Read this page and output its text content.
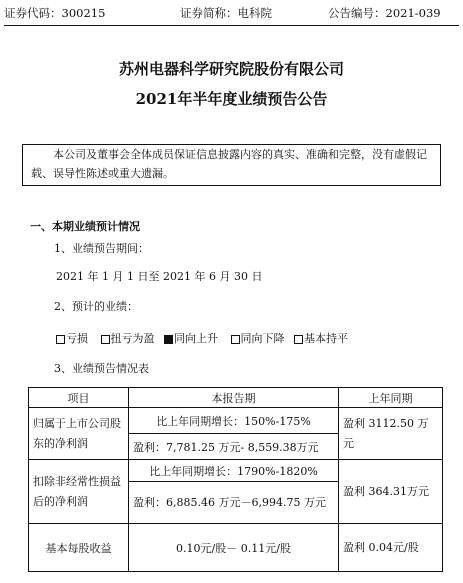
证券代码：300215	证券简称：电科院	公告编号：2021-039
苏州电器科学研究院股份有限公司
2021年半年度业绩预告公告
本公司及董事会全体成员保证信息披露内容的真实、准确和完整，没有虚假记载、误导性陈述或重大遗漏。
一、本期业绩预计情况
1、业绩预告期间：
2021 年 1 月 1 日至 2021 年 6 月 30 日
2、预计的业绩：
亏损 扭亏为盈 同向上升 同向下降 基本持平
3、业绩预告情况表
项目	本报告期	上年同期
归属于上市公司股东的净利润	比上年同期增长：150%-175%	盈利 3112.50 万元
	盈利：7,781.25 万元- 8,559.38万元	
扣除非经常性损益后的净利润	比上年同期增长：1790%-1820%	盈利 364.31万元
	盈利：6,885.46 万元－6,994.75 万元	
基本每股收益	0.10元/股－ 0.11元/股	盈利 0.04元/股
